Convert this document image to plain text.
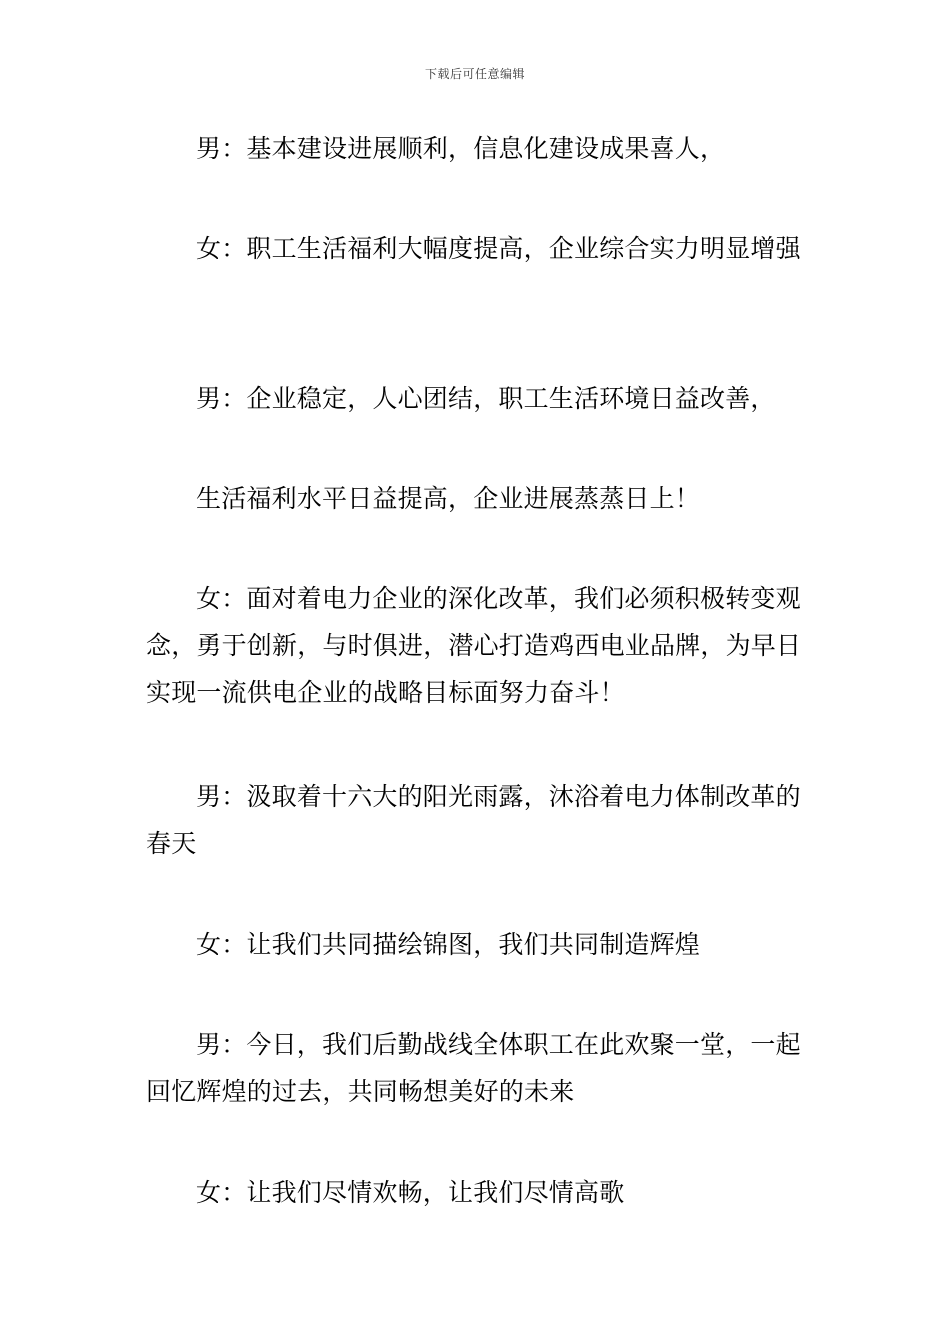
下载后可任意编辑

男：基本建设进展顺利，信息化建设成果喜人，

女：职工生活福利大幅度提高，企业综合实力明显增强

男：企业稳定，人心团结，职工生活环境日益改善，

生活福利水平日益提高，企业进展蒸蒸日上！

女：面对着电力企业的深化改革，我们必须积极转变观念，勇于创新，与时俱进，潜心打造鸡西电业品牌，为早日实现一流供电企业的战略目标面努力奋斗！

男：汲取着十六大的阳光雨露，沐浴着电力体制改革的春天

女：让我们共同描绘锦图，我们共同制造辉煌

男：今日，我们后勤战线全体职工在此欢聚一堂，一起回忆辉煌的过去，共同畅想美好的未来

女：让我们尽情欢畅，让我们尽情高歌
